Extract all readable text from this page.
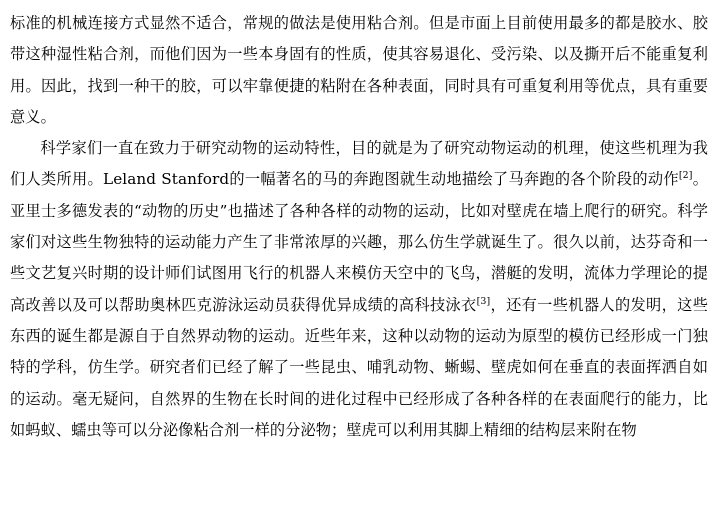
标准的机械连接方式显然不适合，常规的做法是使用粘合剂。但是市面上目前使用最多的都是胶水、胶带这种湿性粘合剂，而他们因为一些本身固有的性质，使其容易退化、受污染、以及撕开后不能重复利用。因此，找到一种干的胶，可以牢靠便捷的粘附在各种表面，同时具有可重复利用等优点，具有重要意义。

科学家们一直在致力于研究动物的运动特性，目的就是为了研究动物运动的机理，使这些机理为我们人类所用。Leland Stanford的一幅著名的马的奔跑图就生动地描绘了马奔跑的各个阶段的动作[2]。亚里士多德发表的“动物的历史”也描述了各种各样的动物的运动，比如对壁虎在墙上爬行的研究。科学家们对这些生物独特的运动能力产生了非常浓厚的兴趣，那么仿生学就诞生了。很久以前，达芬奇和一些文艺复兴时期的设计师们试图用飞行的机器人来模仿天空中的飞鸟，潜艇的发明，流体力学理论的提高改善以及可以帮助奥林匹克游泳运动员获得优异成绩的高科技泳衣[3]，还有一些机器人的发明，这些东西的诞生都是源自于自然界动物的运动。近些年来，这种以动物的运动为原型的模仿已经形成一门独特的学科，仿生学。研究者们已经了解了一些昆虫、哺乳动物、蜥蜴、壁虎如何在垂直的表面挥洒自如的运动。毫无疑问，自然界的生物在长时间的进化过程中已经形成了各种各样的在表面爬行的能力，比如蚂蚁、蠕虫等可以分泌像粘合剂一样的分泌物；壁虎可以利用其脚上精细的结构层来附在物
